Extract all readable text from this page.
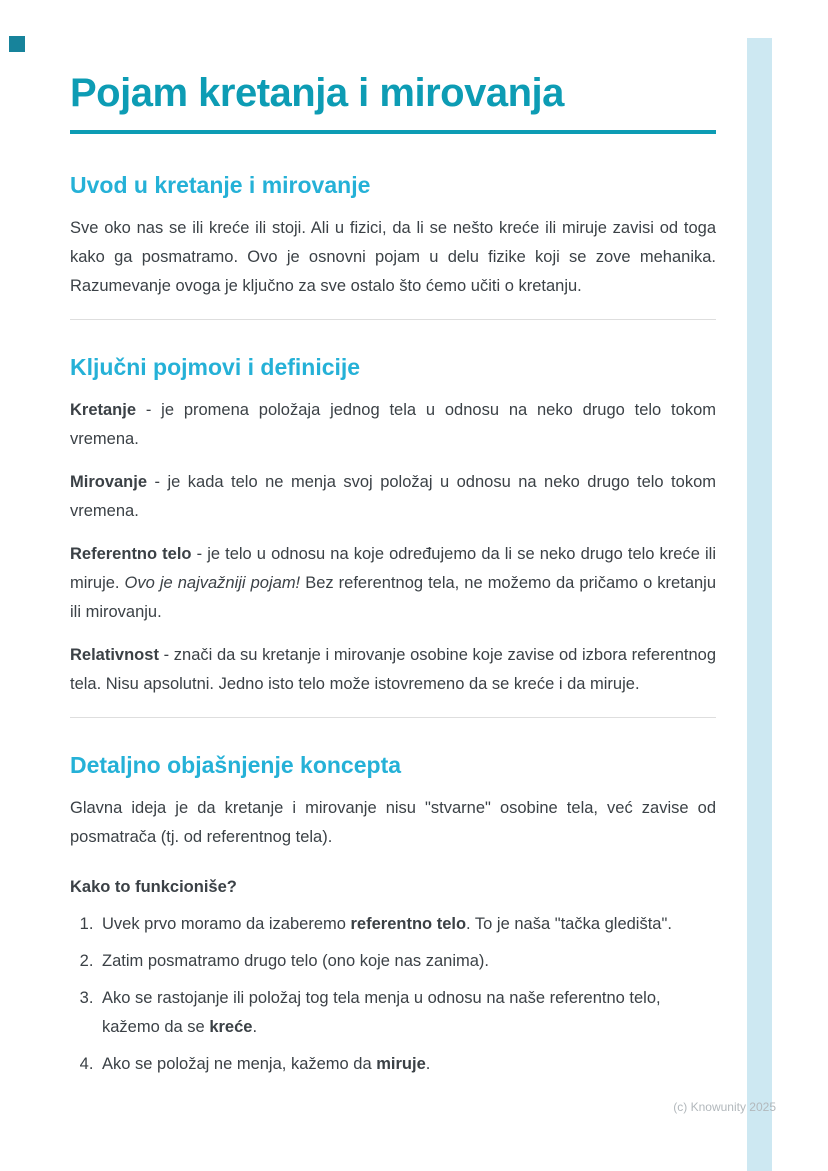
Pojam kretanja i mirovanja
Uvod u kretanje i mirovanje

Sve oko nas se ili kreće ili stoji. Ali u fizici, da li se nešto kreće ili miruje zavisi od toga kako ga posmatramo. Ovo je osnovni pojam u delu fizike koji se zove mehanika. Razumevanje ovoga je ključno za sve ostalo što ćemo učiti o kretanju.

Ključni pojmovi i definicije

Kretanje - je promena položaja jednog tela u odnosu na neko drugo telo tokom vremena.

Mirovanje - je kada telo ne menja svoj položaj u odnosu na neko drugo telo tokom vremena.

Referentno telo - je telo u odnosu na koje određujemo da li se neko drugo telo kreće ili miruje. Ovo je najvažniji pojam! Bez referentnog tela, ne možemo da pričamo o kretanju ili mirovanju.

Relativnost - znači da su kretanje i mirovanje osobine koje zavise od izbora referentnog tela. Nisu apsolutni. Jedno isto telo može istovremeno da se kreće i da miruje.

Detaljno objašnjenje koncepta

Glavna ideja je da kretanje i mirovanje nisu "stvarne" osobine tela, već zavise od posmatrača (tj. od referentnog tela).

Kako to funkcioniše?

1. Uvek prvo moramo da izaberemo referentno telo. To je naša "tačka gledišta".
2. Zatim posmatramo drugo telo (ono koje nas zanima).
3. Ako se rastojanje ili položaj tog tela menja u odnosu na naše referentno telo, kažemo da se kreće.
4. Ako se položaj ne menja, kažemo da miruje.
(c) Knowunity 2025
